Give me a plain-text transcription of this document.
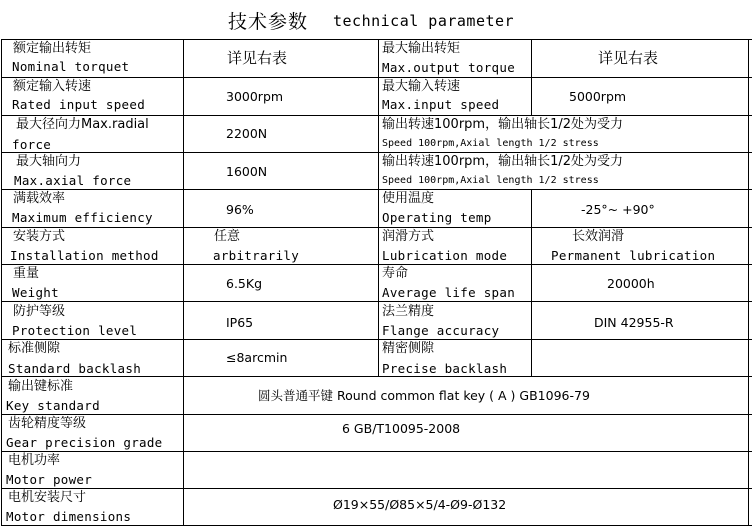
技术参数 technical parameter
额定输出转矩
Nominal torquet	详见右表
最大输出转矩
Max.output torque
详见右表
额定输入转速
Rated input speed
3000rpm
最大输入转速
Max.input speed
5000rpm
最大径向力Max.radial
force
2200N
输出转速100rpm，输出轴长1/2处为受力
Speed 100rpm,Axial length 1/2 stress
最大轴向力
Max.axial force
1600N
输出转速100rpm，输出轴长1/2处为受力
Speed 100rpm,Axial length 1/2 stress
满载效率
Maximum efficiency
96%
使用温度
Operating temp
-25°~ +90°
安装方式
Installation method
任意
arbitrarily
润滑方式
Lubrication mode
长效润滑
Permanent lubrication
重量
Weight
6.5Kg
寿命
Average life span
20000h
防护等级
Protection level
IP65
法兰精度
Flange accuracy
DIN 42955-R
标准侧隙
Standard backlash
≤8arcmin
精密侧隙
Precise backlash
输出键标准
Key standard
圆头普通平键 Round common flat key ( A ) GB1096-79
齿轮精度等级
Gear precision grade
6 GB/T10095-2008
电机功率
Motor power
电机安装尺寸
Motor dimensions
Ø19×55/Ø85×5/4-Ø9-Ø132
